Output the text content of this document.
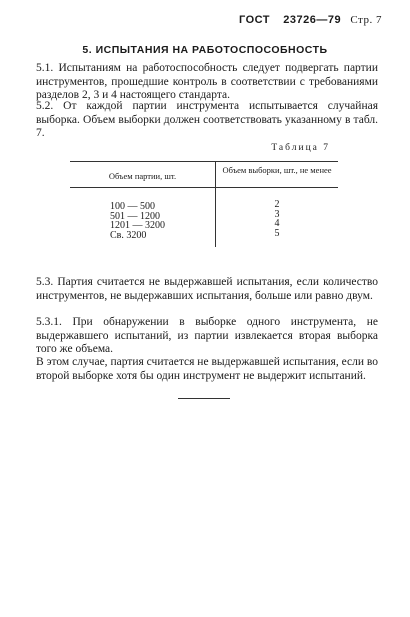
ГОСТ 23726—79 Стр. 7
5. ИСПЫТАНИЯ НА РАБОТОСПОСОБНОСТЬ
5.1. Испытаниям на работоспособность следует подвергать партии инструментов, прошедшие контроль в соответствии с требованиями разделов 2, 3 и 4 настоящего стандарта.
5.2. От каждой партии инструмента испытывается случайная выборка. Объем выборки должен соответствовать указанному в табл. 7.
Таблица 7
Объем партии, шт.
Объем выборки, шт., не менее
100 — 500
501 — 1200
1201 — 3200
Св. 3200
2
3
4
5
5.3. Партия считается не выдержавшей испытания, если количество инструментов, не выдержавших испытания, больше или равно двум.
5.3.1. При обнаружении в выборке одного инструмента, не выдержавшего испытаний, из партии извлекается вторая выборка того же объема.
В этом случае, партия считается не выдержавшей испытания, если во второй выборке хотя бы один инструмент не выдержит испытаний.
